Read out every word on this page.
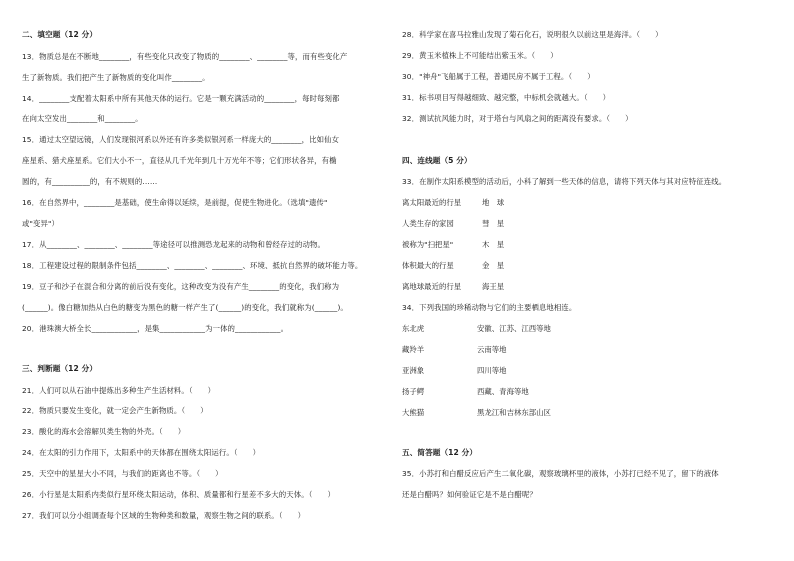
二、填空题（12 分）
13．物质总是在不断地________，有些变化只改变了物质的________、________等，而有些变化产
生了新物质。我们把产生了新物质的变化叫作________。
14．________支配着太阳系中所有其他天体的运行。它是一颗充满活动的________，每时每刻都
在向太空发出________和________。
15．通过太空望远镜，人们发现银河系以外还有许多类似银河系一样庞大的________，比如仙女
座星系、猎犬座星系。它们大小不一，直径从几千光年到几十万光年不等；它们形状各异，有椭
圆的，有__________的，有不规则的……
16．在自然界中，________是基础，使生命得以延续，是前提，促使生物进化。（选填"遗传"
或"变异"）
17．从________、________、________等途径可以推测恐龙起来的动物和曾经存过的动物。
18．工程建设过程的限制条件包括________、________、________、环境、抵抗自然界的破坏能力等。
19．豆子和沙子在混合和分离的前后没有变化，这种改变为没有产生________的变化，我们称为
(______)。像白糖加热从白色的糖变为黑色的糖一样产生了(______)的变化，我们就称为(______)。
20．港珠澳大桥全长____________，是集____________为一体的____________。
三、判断题（12 分）
21．人们可以从石油中提炼出多种生产生活材料。（　　）
22．物质只要发生变化，就一定会产生新物质。（　　）
23．酸化的海水会溶解贝类生物的外壳。（　　）
24．在太阳的引力作用下，太阳系中的天体都在围绕太阳运行。（　　）
25．天空中的星星大小不同，与我们的距离也不等。（　　）
26．小行星是太阳系内类似行星环绕太阳运动，体积、质量都和行星差不多大的天体。（　　）
27．我们可以分小组调查每个区域的生物种类和数量，观察生物之间的联系。（　　）
28．科学家在喜马拉雅山发现了菊石化石，说明很久以前这里是海洋。（　　）
29．黄玉米植株上不可能结出紫玉米。（　　）
30．"神舟"飞船属于工程，普通民房不属于工程。（　　）
31．标书项目写得越细致、越完整，中标机会就越大。（　　）
32．测试抗风能力时，对于塔台与风扇之间的距离没有要求。（　　）
四、连线题（5 分）
33．在制作太阳系模型的活动后，小科了解到一些天体的信息，请将下列天体与其对应特征连线。
离太阳最近的行星	地　球
人类生存的家园	彗　星
被称为"扫把星"	木　星
体积最大的行星	金　星
离地球最近的行星	海王星
34．下列我国的珍稀动物与它们的主要栖息地相连。
东北虎	安徽、江苏、江西等地
藏羚羊	云南等地
亚洲象	四川等地
扬子鳄	西藏、青海等地
大熊猫	黑龙江和吉林东部山区
五、简答题（12 分）
35．小苏打和白醋反应后产生二氧化碳，观察玻璃杯里的液体，小苏打已经不见了，留下的液体
还是白醋吗？如何验证它是不是白醋呢？
